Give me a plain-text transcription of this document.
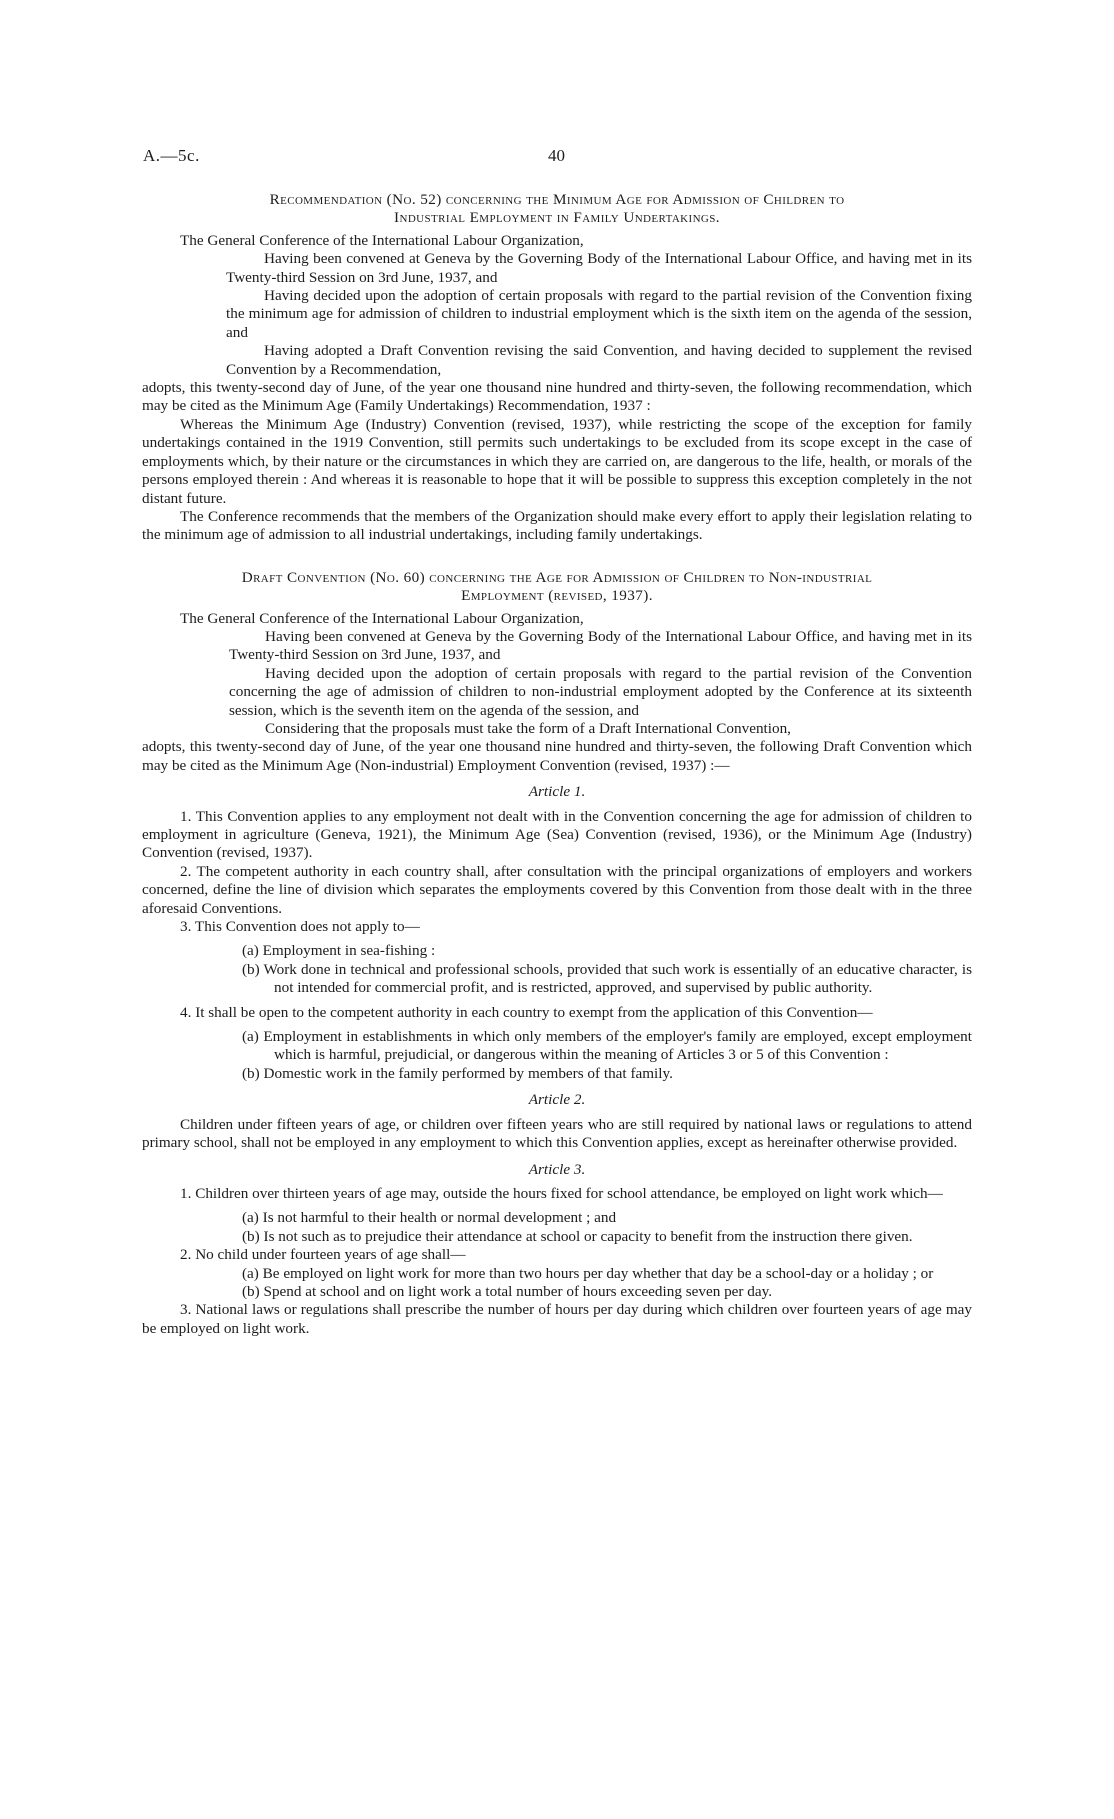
A.—5c.	40

Recommendation (No. 52) concerning the Minimum Age for Admission of Children to
Industrial Employment in Family Undertakings.

The General Conference of the International Labour Organization,

Having been convened at Geneva by the Governing Body of the International Labour Office, and having met in its Twenty-third Session on 3rd June, 1937, and

Having decided upon the adoption of certain proposals with regard to the partial revision of the Convention fixing the minimum age for admission of children to industrial employment which is the sixth item on the agenda of the session, and

Having adopted a Draft Convention revising the said Convention, and having decided to supplement the revised Convention by a Recommendation,

adopts, this twenty-second day of June, of the year one thousand nine hundred and thirty-seven, the following recommendation, which may be cited as the Minimum Age (Family Undertakings) Recommendation, 1937 :

Whereas the Minimum Age (Industry) Convention (revised, 1937), while restricting the scope of the exception for family undertakings contained in the 1919 Convention, still permits such undertakings to be excluded from its scope except in the case of employments which, by their nature or the circumstances in which they are carried on, are dangerous to the life, health, or morals of the persons employed therein : And whereas it is reasonable to hope that it will be possible to suppress this exception completely in the not distant future.

The Conference recommends that the members of the Organization should make every effort to apply their legislation relating to the minimum age of admission to all industrial undertakings, including family undertakings.

Draft Convention (No. 60) concerning the Age for Admission of Children to Non-industrial
Employment (revised, 1937).

The General Conference of the International Labour Organization,

Having been convened at Geneva by the Governing Body of the International Labour Office, and having met in its Twenty-third Session on 3rd June, 1937, and

Having decided upon the adoption of certain proposals with regard to the partial revision of the Convention concerning the age of admission of children to non-industrial employment adopted by the Conference at its sixteenth session, which is the seventh item on the agenda of the session, and

Considering that the proposals must take the form of a Draft International Convention,

adopts, this twenty-second day of June, of the year one thousand nine hundred and thirty-seven, the following Draft Convention which may be cited as the Minimum Age (Non-industrial) Employment Convention (revised, 1937) :—

Article 1.

1. This Convention applies to any employment not dealt with in the Convention concerning the age for admission of children to employment in agriculture (Geneva, 1921), the Minimum Age (Sea) Convention (revised, 1936), or the Minimum Age (Industry) Convention (revised, 1937).

2. The competent authority in each country shall, after consultation with the principal organizations of employers and workers concerned, define the line of division which separates the employments covered by this Convention from those dealt with in the three aforesaid Conventions.

3. This Convention does not apply to—

(a) Employment in sea-fishing :

(b) Work done in technical and professional schools, provided that such work is essentially of an educative character, is not intended for commercial profit, and is restricted, approved, and supervised by public authority.

4. It shall be open to the competent authority in each country to exempt from the application of this Convention—

(a) Employment in establishments in which only members of the employer's family are employed, except employment which is harmful, prejudicial, or dangerous within the meaning of Articles 3 or 5 of this Convention :

(b) Domestic work in the family performed by members of that family.

Article 2.

Children under fifteen years of age, or children over fifteen years who are still required by national laws or regulations to attend primary school, shall not be employed in any employment to which this Convention applies, except as hereinafter otherwise provided.

Article 3.

1. Children over thirteen years of age may, outside the hours fixed for school attendance, be employed on light work which—

(a) Is not harmful to their health or normal development ; and

(b) Is not such as to prejudice their attendance at school or capacity to benefit from the instruction there given.

2. No child under fourteen years of age shall—

(a) Be employed on light work for more than two hours per day whether that day be a school-day or a holiday ; or

(b) Spend at school and on light work a total number of hours exceeding seven per day.

3. National laws or regulations shall prescribe the number of hours per day during which children over fourteen years of age may be employed on light work.
